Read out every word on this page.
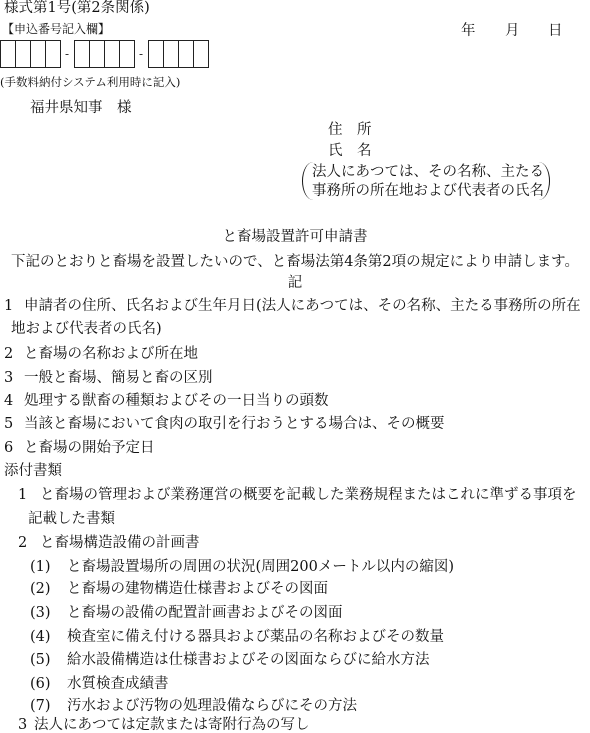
様式第1号(第2条関係)
【申込番号記入欄】	年 月 日
-	-
(手数料納付システム利用時に記入)
福井県知事　様
住　所
氏　名
法人にあつては、その名称、主たる
事務所の所在地および代表者の氏名
と畜場設置許可申請書
下記のとおりと畜場を設置したいので、と畜場法第4条第2項の規定により申請します。
記
1 申請者の住所、氏名および生年月日(法人にあつては、その名称、主たる事務所の所在
地および代表者の氏名)
2 と畜場の名称および所在地
3 一般と畜場、簡易と畜の区別
4 処理する獣畜の種類およびその一日当りの頭数
5 当該と畜場において食肉の取引を行おうとする場合は、その概要
6 と畜場の開始予定日
添付書類
1 と畜場の管理および業務運営の概要を記載した業務規程またはこれに準ずる事項を
記載した書類
2 と畜場構造設備の計画書
(1) と畜場設置場所の周囲の状況(周囲200メートル以内の縮図)
(2) と畜場の建物構造仕様書およびその図面
(3) と畜場の設備の配置計画書およびその図面
(4) 検査室に備え付ける器具および薬品の名称およびその数量
(5) 給水設備構造は仕様書およびその図面ならびに給水方法
(6) 水質検査成績書
(7) 汚水および汚物の処理設備ならびにその方法
3 法人にあつては定款または寄附行為の写し
